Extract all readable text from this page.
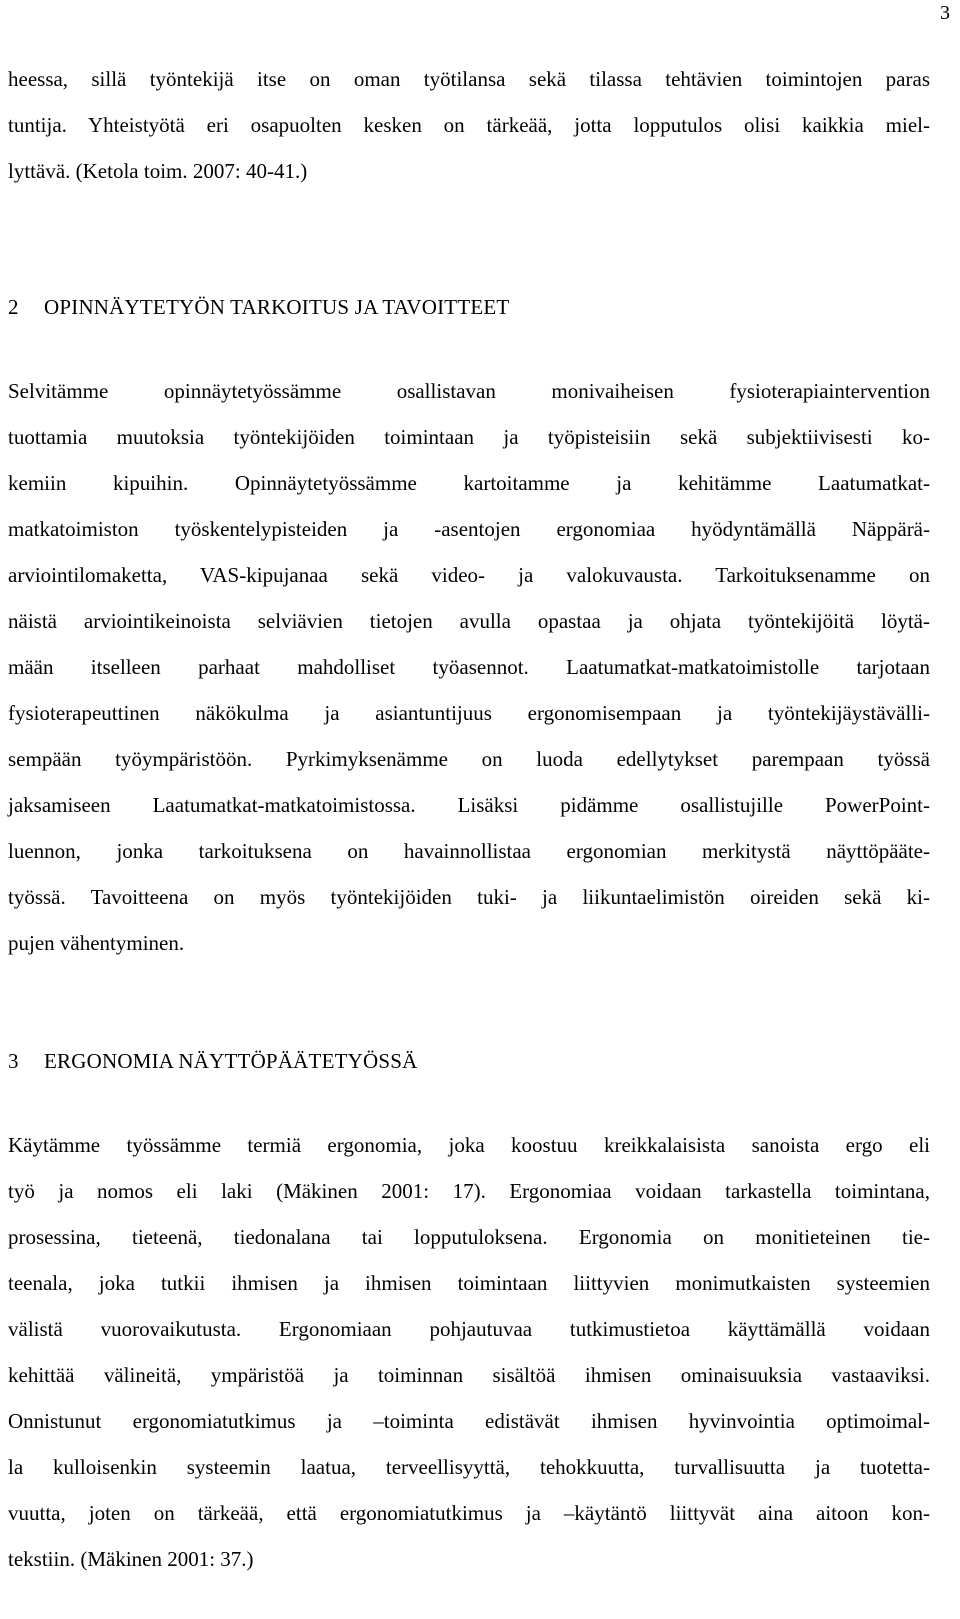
3
heessa, sillä työntekijä itse on oman työtilansa sekä tilassa tehtävien toimintojen paras
tuntija. Yhteistyötä eri osapuolten kesken on tärkeää, jotta lopputulos olisi kaikkia miel-
lyttävä. (Ketola toim. 2007: 40-41.)
2 OPINNÄYTETYÖN TARKOITUS JA TAVOITTEET
Selvitämme opinnäytetyössämme osallistavan monivaiheisen fysioterapiaintervention
tuottamia muutoksia työntekijöiden toimintaan ja työpisteisiin sekä subjektiivisesti ko-
kemiin kipuihin. Opinnäytetyössämme kartoitamme ja kehitämme Laatumatkat-
matkatoimiston työskentelypisteiden ja -asentojen ergonomiaa hyödyntämällä Näppärä-
arviointilomaketta, VAS-kipujanaa sekä video- ja valokuvausta. Tarkoituksenamme on
näistä arviointikeinoista selviävien tietojen avulla opastaa ja ohjata työntekijöitä löytä-
mään itselleen parhaat mahdolliset työasennot. Laatumatkat-matkatoimistolle tarjotaan
fysioterapeuttinen näkökulma ja asiantuntijuus ergonomisempaan ja työntekijäystävälli-
sempään työympäristöön. Pyrkimyksenämme on luoda edellytykset parempaan työssä
jaksamiseen Laatumatkat-matkatoimistossa. Lisäksi pidämme osallistujille PowerPoint-
luennon, jonka tarkoituksena on havainnollistaa ergonomian merkitystä näyttöpääte-
työssä. Tavoitteena on myös työntekijöiden tuki- ja liikuntaelimistön oireiden sekä ki-
pujen vähentyminen.
3 ERGONOMIA NÄYTTÖPÄÄTETYÖSSÄ
Käytämme työssämme termiä ergonomia, joka koostuu kreikkalaisista sanoista ergo eli
työ ja nomos eli laki (Mäkinen 2001: 17). Ergonomiaa voidaan tarkastella toimintana,
prosessina, tieteenä, tiedonalana tai lopputuloksena. Ergonomia on monitieteinen tie-
teenala, joka tutkii ihmisen ja ihmisen toimintaan liittyvien monimutkaisten systeemien
välistä vuorovaikutusta. Ergonomiaan pohjautuvaa tutkimustietoa käyttämällä voidaan
kehittää välineitä, ympäristöä ja toiminnan sisältöä ihmisen ominaisuuksia vastaaviksi.
Onnistunut ergonomiatutkimus ja –toiminta edistävät ihmisen hyvinvointia optimoimal-
la kulloisenkin systeemin laatua, terveellisyyttä, tehokkuutta, turvallisuutta ja tuotetta-
vuutta, joten on tärkeää, että ergonomiatutkimus ja –käytäntö liittyvät aina aitoon kon-
tekstiin. (Mäkinen 2001: 37.)
